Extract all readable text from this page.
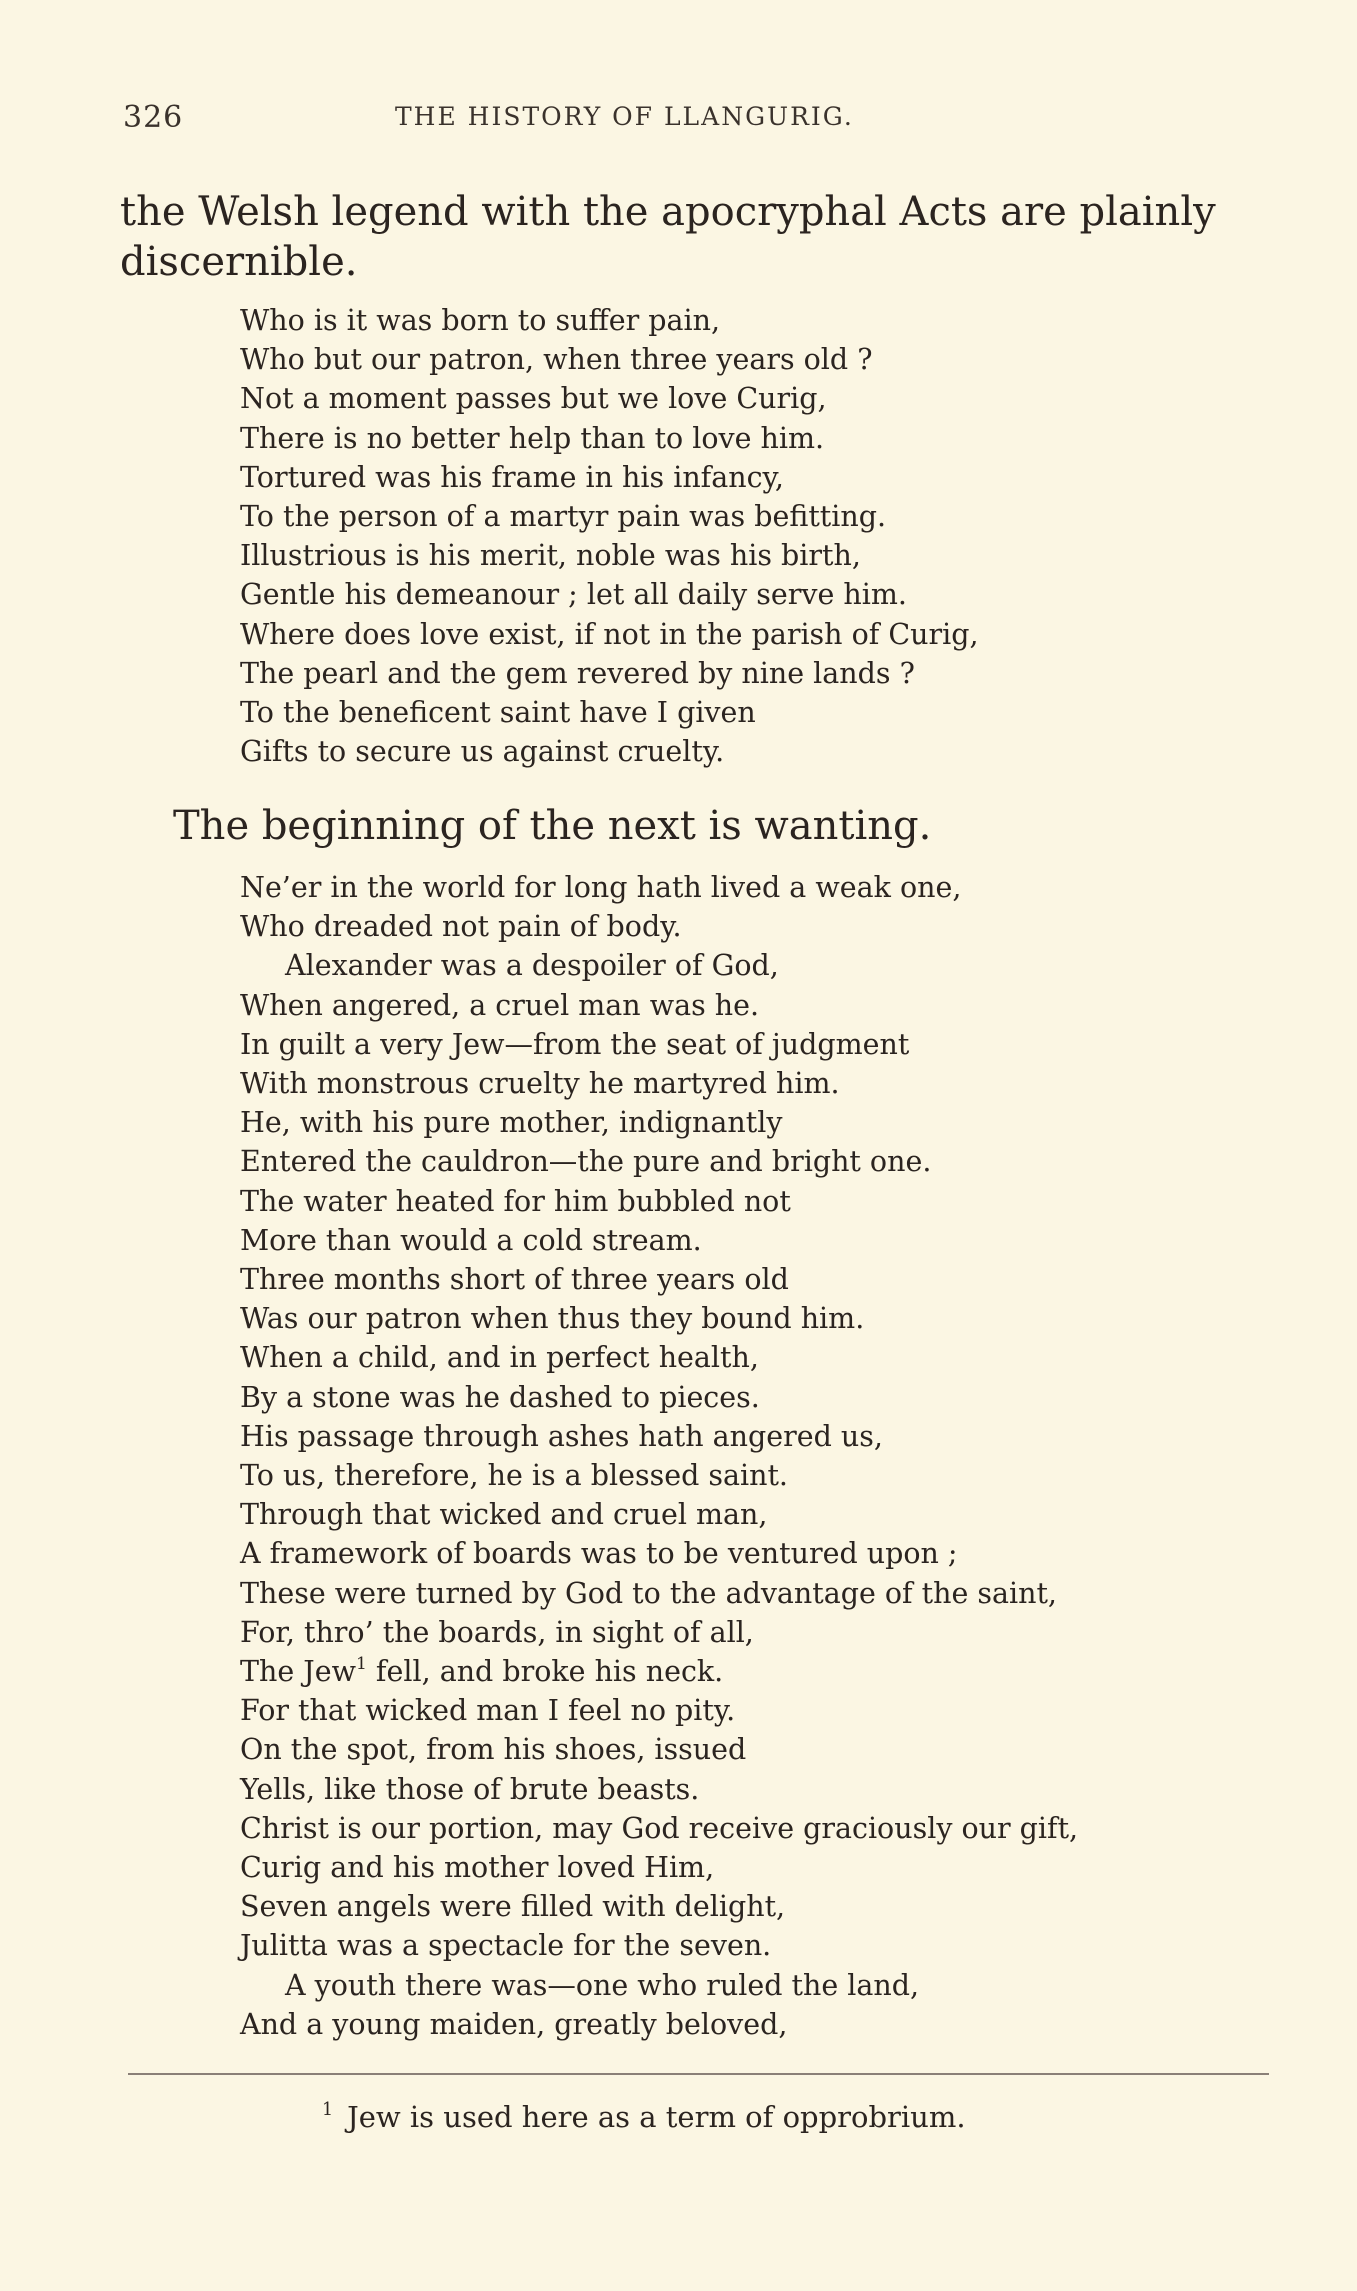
326	THE HISTORY OF LLANGURIG.

the Welsh legend with the apocryphal Acts are plainly discernible.

Who is it was born to suffer pain,
Who but our patron, when three years old ?
Not a moment passes but we love Curig,
There is no better help than to love him.
Tortured was his frame in his infancy,
To the person of a martyr pain was befitting.
Illustrious is his merit, noble was his birth,
Gentle his demeanour ; let all daily serve him.
Where does love exist, if not in the parish of Curig,
The pearl and the gem revered by nine lands ?
To the beneficent saint have I given
Gifts to secure us against cruelty.
The beginning of the next is wanting.
Ne’er in the world for long hath lived a weak one,
Who dreaded not pain of body.
Alexander was a despoiler of God,
When angered, a cruel man was he.
In guilt a very Jew—from the seat of judgment
With monstrous cruelty he martyred him.
He, with his pure mother, indignantly
Entered the cauldron—the pure and bright one.
The water heated for him bubbled not
More than would a cold stream.
Three months short of three years old
Was our patron when thus they bound him.
When a child, and in perfect health,
By a stone was he dashed to pieces.
His passage through ashes hath angered us,
To us, therefore, he is a blessed saint.
Through that wicked and cruel man,
A framework of boards was to be ventured upon ;
These were turned by God to the advantage of the saint,
For, thro’ the boards, in sight of all,
The Jew$^1$ fell, and broke his neck.
For that wicked man I feel no pity.
On the spot, from his shoes, issued
Yells, like those of brute beasts.
Christ is our portion, may God receive graciously our gift,
Curig and his mother loved Him,
Seven angels were filled with delight,
Julitta was a spectacle for the seven.
A youth there was—one who ruled the land,
And a young maiden, greatly beloved,
$^1$ Jew is used here as a term of opprobrium.
